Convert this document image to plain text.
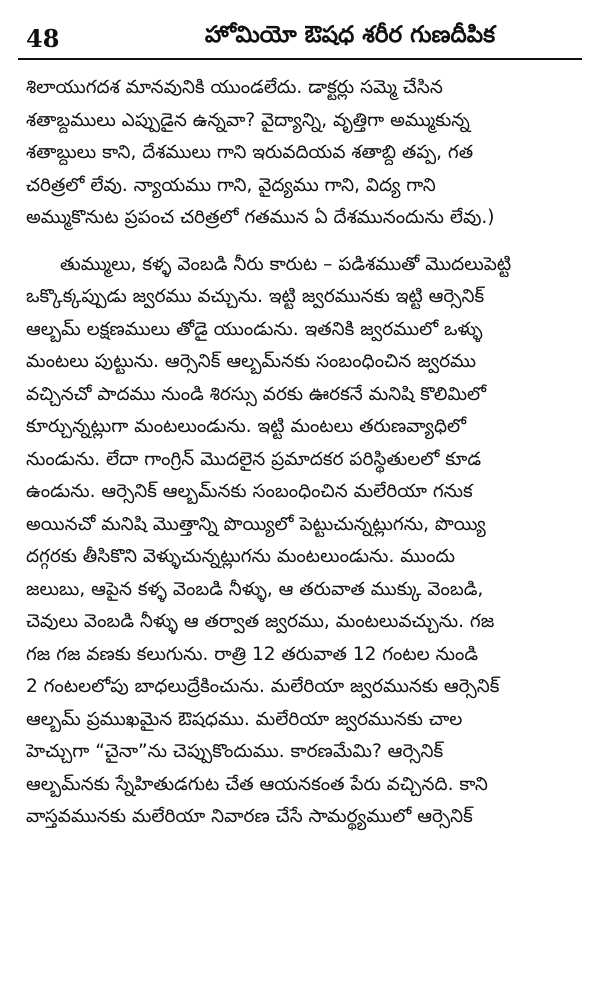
48	హోమియో ఔషధ శరీర గుణదీపిక
శిలాయుగదశ మానవునికి యుండలేదు. డాక్టర్లు సమ్మె చేసిన
శతాబ్దములు ఎప్పుడైన ఉన్నవా? వైద్యాన్ని, వృత్తిగా అమ్ముకున్న
శతాబ్దులు కాని, దేశములు గాని ఇరువదియవ శతాబ్ది తప్ప, గత
చరిత్రలో లేవు. న్యాయము గాని, వైద్యము గాని, విద్య గాని
అమ్ముకొనుట ప్రపంచ చరిత్రలో గతమున ఏ దేశమునందును లేవు.)
తుమ్ములు, కళ్ళ వెంబడి నీరు కారుట – పడిశముతో మొదలుపెట్టి
ఒక్కొక్కప్పుడు జ్వరము వచ్చును. ఇట్టి జ్వరమునకు ఇట్టి ఆర్సెనిక్
ఆల్బమ్ లక్షణములు తోడై యుండును. ఇతనికి జ్వరములో ఒళ్ళు
మంటలు పుట్టును. ఆర్సెనిక్ ఆల్బమ్‌నకు సంబంధించిన జ్వరము
వచ్చినచో పాదము నుండి శిరస్సు వరకు ఊరకనే మనిషి కొలిమిలో
కూర్చున్నట్లుగా మంటలుండును. ఇట్టి మంటలు తరుణవ్యాధిలో
నుండును. లేదా గాంగ్రిన్ మొదలైన ప్రమాదకర పరిస్థితులలో కూడ
ఉండును. ఆర్సెనిక్ ఆల్బమ్‌నకు సంబంధించిన మలేరియా గనుక
అయినచో మనిషి మొత్తాన్ని పొయ్యిలో పెట్టుచున్నట్లుగను, పొయ్యి
దగ్గరకు తీసికొని వెళ్ళుచున్నట్లుగను మంటలుండును. ముందు
జలుబు, ఆపైన కళ్ళ వెంబడి నీళ్ళు, ఆ తరువాత ముక్కు వెంబడి,
చెవులు వెంబడి నీళ్ళు ఆ తర్వాత జ్వరము, మంటలువచ్చును. గజ
గజ గజ వణకు కలుగును. రాత్రి 12 తరువాత 12 గంటల నుండి
2 గంటలలోపు బాధలుద్రేకించును. మలేరియా జ్వరమునకు ఆర్సెనిక్
ఆల్బమ్ ప్రముఖమైన ఔషధము. మలేరియా జ్వరమునకు చాల
హెచ్చుగా “చైనా”ను చెప్పుకొందుము. కారణమేమి? ఆర్సెనిక్
ఆల్బమ్‌నకు స్నేహితుడగుట చేత ఆయనకంత పేరు వచ్చినది. కాని
వాస్తవమునకు మలేరియా నివారణ చేసే సామర్థ్యములో ఆర్సెనిక్
